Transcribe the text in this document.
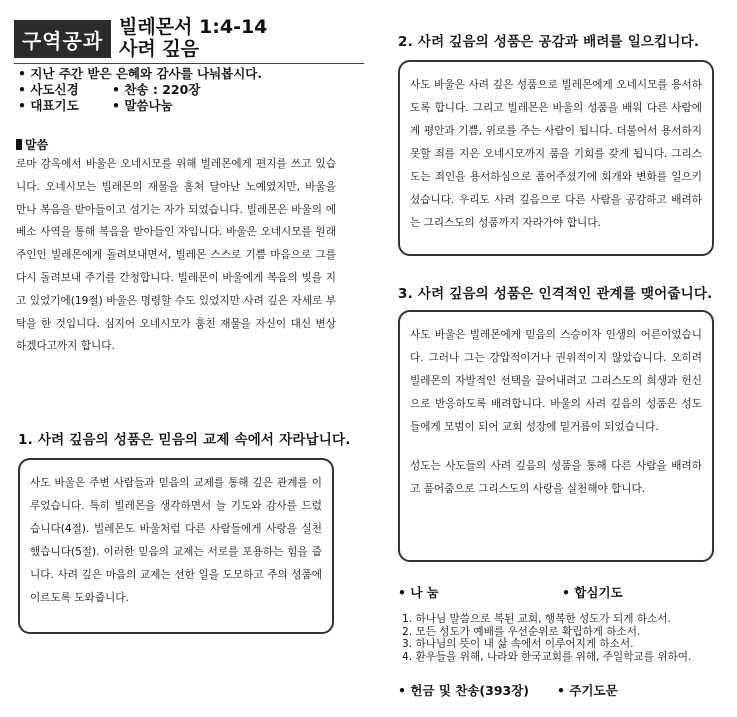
구역공과
빌레몬서 1:4-14
사려 깊음
• 지난 주간 받은 은혜와 감사를 나눠봅시다.
• 사도신경	• 찬송 : 220장
• 대표기도	• 말씀나눔
말씀
로마 감옥에서 바울은 오네시모를 위해 빌레몬에게 편지를 쓰고 있습니다. 오네시모는 빌레몬의 재물을 훔쳐 달아난 노예였지만, 바울을 만나 복음을 받아들이고 섬기는 자가 되었습니다. 빌레몬은 바울의 에베소 사역을 통해 복음을 받아들인 자입니다. 바울은 오네시모를 원래 주인인 빌레몬에게 돌려보내면서, 빌레몬 스스로 기쁨 마음으로 그를 다시 돌려보내 주기를 간청합니다. 빌레몬이 바울에게 복음의 빚을 지고 있었기에(19절) 바울은 명령할 수도 있었지만 사려 깊은 자세로 부탁을 한 것입니다. 심지어 오네시모가 훔친 재물을 자신이 대신 변상하겠다고까지 합니다.
1. 사려 깊음의 성품은 믿음의 교제 속에서 자라납니다.
사도 바울은 주변 사람들과 믿음의 교제를 통해 깊은 관계를 이루었습니다. 특히 빌레몬을 생각하면서 늘 기도와 감사를 드렸습니다(4절). 빌레몬도 바울처럼 다른 사람들에게 사랑을 실천했습니다(5절). 이러한 믿음의 교제는 서로를 포용하는 힘을 줍니다. 사려 깊은 마음의 교제는 선한 일을 도모하고 주의 성품에 이르도록 도와줍니다.
2. 사려 깊음의 성품은 공감과 배려를 일으킵니다.
사도 바울은 사려 깊은 성품으로 빌레몬에게 오네시모를 용서하도록 합니다. 그리고 빌레몬은 바울의 성품을 배워 다른 사람에게 평안과 기쁨, 위로를 주는 사람이 됩니다. 더불어서 용서하지 못할 죄를 지은 오네시모까지 품을 기회를 갖게 됩니다. 그리스도는 죄인을 용서하심으로 품어주셨기에 회개와 변화를 일으키셨습니다. 우리도 사려 깊음으로 다른 사람을 공감하고 배려하는 그리스도의 성품까지 자라가야 합니다.
3. 사려 깊음의 성품은 인격적인 관계를 맺어줍니다.
사도 바울은 빌레몬에게 믿음의 스승이자 인생의 어른이었습니다. 그러나 그는 강압적이거나 권위적이지 않았습니다. 오히려 빌레몬의 자발적인 선택을 끌어내려고 그리스도의 희생과 헌신으로 반응하도록 배려합니다. 바울의 사려 깊음의 성품은 성도들에게 모범이 되어 교회 성장에 밑거름이 되었습니다.
성도는 사도들의 사려 깊음의 성품을 통해 다른 사람을 배려하고 품어줌으로 그리스도의 사랑을 실천해야 합니다.
• 나 눔	• 합심기도
1. 하나님 말씀으로 복된 교회, 행복한 성도가 되게 하소서.
2. 모든 성도가 예배를 우선순위로 확립하게 하소서.
3. 하나님의 뜻이 내 삶 속에서 이루어지게 하소서.
4. 환우들을 위해, 나라와 한국교회를 위해, 주일학교를 위하여.
• 헌금 및 찬송(393장) • 주기도문
